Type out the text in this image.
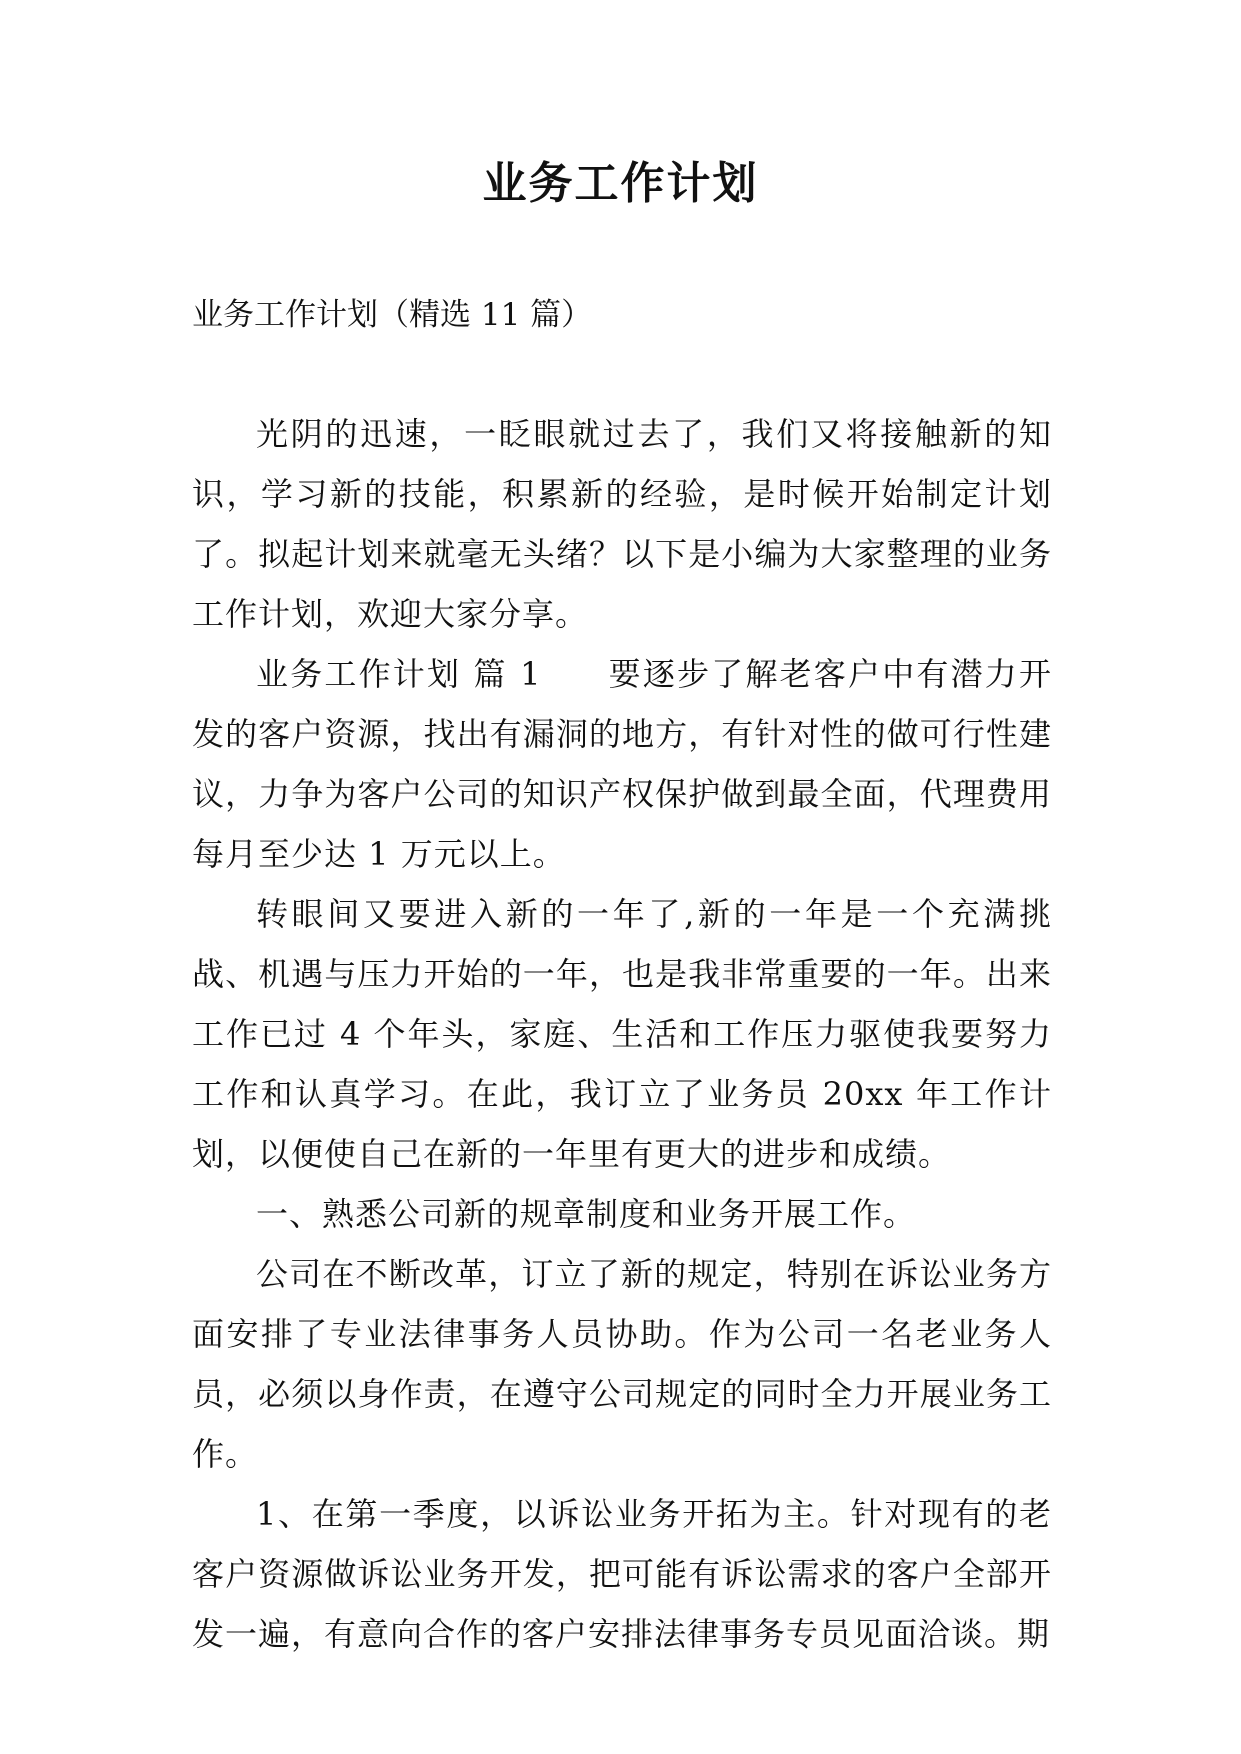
业务工作计划
业务工作计划（精选 11 篇）

光阴的迅速，一眨眼就过去了，我们又将接触新的知识，学习新的技能，积累新的经验，是时候开始制定计划了。拟起计划来就毫无头绪？以下是小编为大家整理的业务工作计划，欢迎大家分享。

业务工作计划 篇 1 要逐步了解老客户中有潜力开发的客户资源，找出有漏洞的地方，有针对性的做可行性建议，力争为客户公司的知识产权保护做到最全面，代理费用每月至少达 1 万元以上。

转眼间又要进入新的一年了,新的一年是一个充满挑战、机遇与压力开始的一年，也是我非常重要的一年。出来工作已过 4 个年头，家庭、生活和工作压力驱使我要努力工作和认真学习。在此，我订立了业务员 20xx 年工作计划，以便使自己在新的一年里有更大的进步和成绩。

一、熟悉公司新的规章制度和业务开展工作。

公司在不断改革，订立了新的规定，特别在诉讼业务方面安排了专业法律事务人员协助。作为公司一名老业务人员，必须以身作责，在遵守公司规定的同时全力开展业务工作。

1、在第一季度，以诉讼业务开拓为主。针对现有的老客户资源做诉讼业务开发，把可能有诉讼需求的客户全部开发一遍，有意向合作的客户安排法律事务专员见面洽谈。期
